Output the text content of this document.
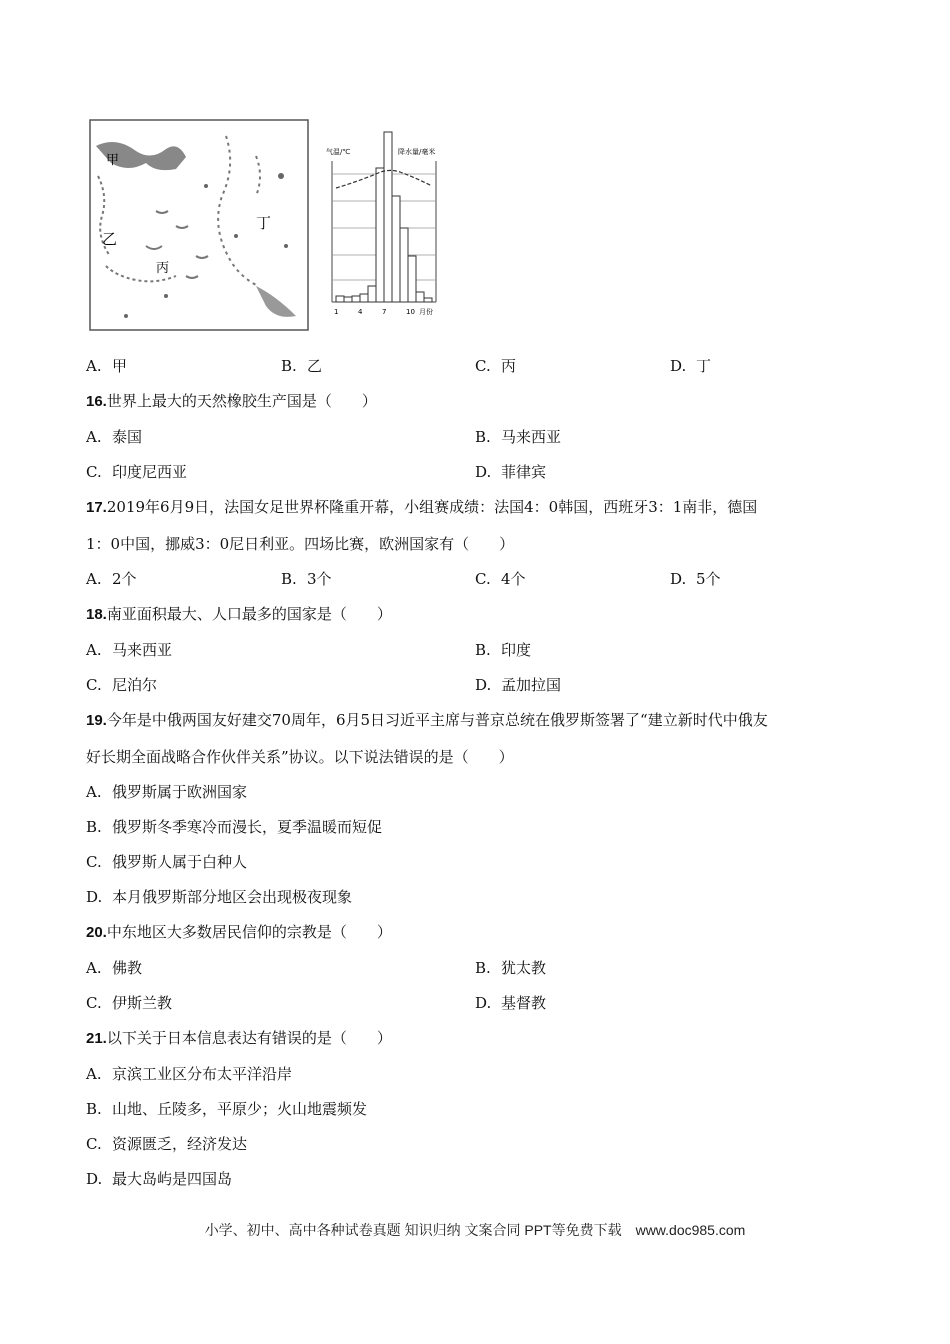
甲
乙
丙
丁
气温/℃	降水量/毫米
1	4	7	10 月份
A. 甲	B. 乙	C. 丙	D. 丁
16.世界上最大的天然橡胶生产国是（　　）
A. 泰国	B. 马来西亚
C. 印度尼西亚	D. 菲律宾
17.2019年6月9日，法国女足世界杯隆重开幕，小组赛成绩：法国4：0韩国，西班牙3：1南非，德国
1：0中国，挪威3：0尼日利亚。四场比赛，欧洲国家有（　　）
A. 2个	B. 3个	C. 4个	D. 5个
18.南亚面积最大、人口最多的国家是（　　）
A. 马来西亚	B. 印度
C. 尼泊尔	D. 孟加拉国
19.今年是中俄两国友好建交70周年，6月5日习近平主席与普京总统在俄罗斯签署了“建立新时代中俄友
好长期全面战略合作伙伴关系”协议。以下说法错误的是（　　）
A. 俄罗斯属于欧洲国家
B. 俄罗斯冬季寒冷而漫长，夏季温暖而短促
C. 俄罗斯人属于白种人
D. 本月俄罗斯部分地区会出现极夜现象
20.中东地区大多数居民信仰的宗教是（　　）
A. 佛教	B. 犹太教
C. 伊斯兰教	D. 基督教
21.以下关于日本信息表达有错误的是（　　）
A. 京滨工业区分布太平洋沿岸
B. 山地、丘陵多，平原少；火山地震频发
C. 资源匮乏，经济发达
D. 最大岛屿是四国岛
小学、初中、高中各种试卷真题 知识归纳 文案合同 PPT等免费下载　www.doc985.com
